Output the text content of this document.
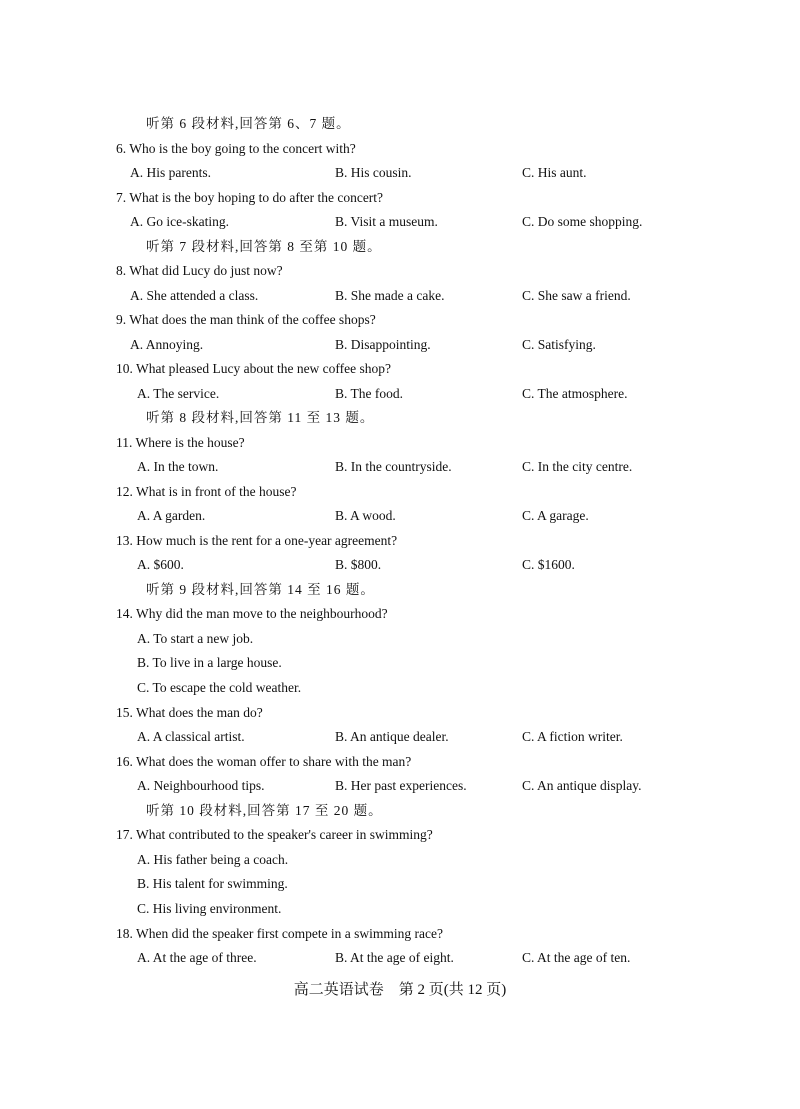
听第 6 段材料,回答第 6、7 题。
6. Who is the boy going to the concert with?
A. His parents.	B. His cousin.	C. His aunt.
7. What is the boy hoping to do after the concert?
A. Go ice-skating.	B. Visit a museum.	C. Do some shopping.
听第 7 段材料,回答第 8 至第 10 题。
8. What did Lucy do just now?
A. She attended a class.	B. She made a cake.	C. She saw a friend.
9. What does the man think of the coffee shops?
A. Annoying.	B. Disappointing.	C. Satisfying.
10. What pleased Lucy about the new coffee shop?
A. The service.	B. The food.	C. The atmosphere.
听第 8 段材料,回答第 11 至 13 题。
11. Where is the house?
A. In the town.	B. In the countryside.	C. In the city centre.
12. What is in front of the house?
A. A garden.	B. A wood.	C. A garage.
13. How much is the rent for a one-year agreement?
A. $600.	B. $800.	C. $1600.
听第 9 段材料,回答第 14 至 16 题。
14. Why did the man move to the neighbourhood?
A. To start a new job.
B. To live in a large house.
C. To escape the cold weather.
15. What does the man do?
A. A classical artist.	B. An antique dealer.	C. A fiction writer.
16. What does the woman offer to share with the man?
A. Neighbourhood tips.	B. Her past experiences.	C. An antique display.
听第 10 段材料,回答第 17 至 20 题。
17. What contributed to the speaker's career in swimming?
A. His father being a coach.
B. His talent for swimming.
C. His living environment.
18. When did the speaker first compete in a swimming race?
A. At the age of three.	B. At the age of eight.	C. At the age of ten.
高二英语试卷　第 2 页(共 12 页)
